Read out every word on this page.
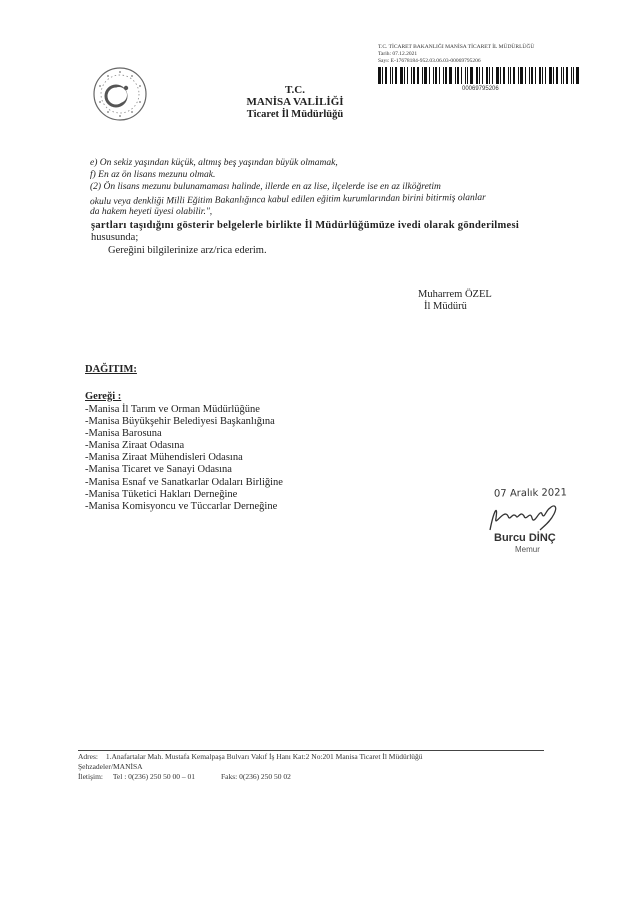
T.C. TİCARET BAKANLIĞI MANİSA TİCARET İL MÜDÜRLÜĞÜ
Tarih: 07.12.2021
Sayı: E-17678184-952.03.06.03-00069795206
00069795206
T.C.
MANİSA VALİLİĞİ
Ticaret İl Müdürlüğü
e) On sekiz yaşından küçük, altmış beş yaşından büyük olmamak,
f) En az ön lisans mezunu olmak.
(2) Ön lisans mezunu bulunamaması halinde, illerde en az lise, ilçelerde ise en az ilköğretim
okulu veya denkliği Milli Eğitim Bakanlığınca kabul edilen eğitim kurumlarından birini bitirmiş olanlar
da hakem heyeti üyesi olabilir.",
şartları taşıdığını gösterir belgelerle birlikte İl Müdürlüğümüze ivedi olarak gönderilmesi
hususunda;
Gereğini bilgilerinize arz/rica ederim.
Muharrem ÖZEL
İl Müdürü
DAĞITIM:
Gereği :
-Manisa İl Tarım ve Orman Müdürlüğüne
-Manisa Büyükşehir Belediyesi Başkanlığına
-Manisa Barosuna
-Manisa Ziraat Odasına
-Manisa Ziraat Mühendisleri Odasına
-Manisa Ticaret ve Sanayi Odasına
-Manisa Esnaf ve Sanatkarlar Odaları Birliğine
-Manisa Tüketici Hakları Derneğine
-Manisa Komisyoncu ve Tüccarlar Derneğine
07 Aralık 2021
Burcu DİNÇ
Memur
Adres: 1.Anafartalar Mah. Mustafa Kemalpaşa Bulvarı Vakıf İş Hanı Kat:2 No:201 Manisa Ticaret İl Müdürlüğü
Şehzadeler/MANİSA
İletişim: Tel : 0(236) 250 50 00 – 01	Faks: 0(236) 250 50 02
